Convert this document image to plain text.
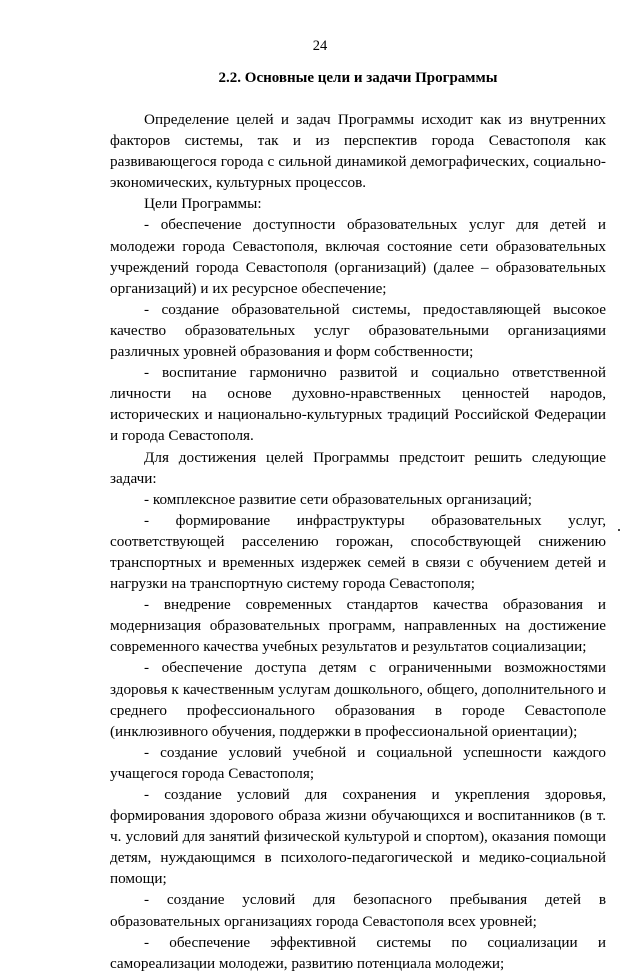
24
2.2. Основные цели и задачи Программы

Определение целей и задач Программы исходит как из внутренних факторов системы, так и из перспектив города Севастополя как развивающегося города с сильной динамикой демографических, социально-экономических, культурных процессов.

Цели Программы:

- обеспечение доступности образовательных услуг для детей и молодежи города Севастополя, включая состояние сети образовательных учреждений города Севастополя (организаций) (далее – образовательных организаций) и их ресурсное обеспечение;

- создание образовательной системы, предоставляющей высокое качество образовательных услуг образовательными организациями различных уровней образования и форм собственности;

- воспитание гармонично развитой и социально ответственной личности на основе духовно-нравственных ценностей народов, исторических и национально-культурных традиций Российской Федерации и города Севастополя.

Для достижения целей Программы предстоит решить следующие задачи:

- комплексное развитие сети образовательных организаций;

- формирование инфраструктуры образовательных услуг, соответствующей расселению горожан, способствующей снижению транспортных и временных издержек семей в связи с обучением детей и нагрузки на транспортную систему города Севастополя;

- внедрение современных стандартов качества образования и модернизация образовательных программ, направленных на достижение современного качества учебных результатов и результатов социализации;

- обеспечение доступа детям с ограниченными возможностями здоровья к качественным услугам дошкольного, общего, дополнительного и среднего профессионального образования в городе Севастополе (инклюзивного обучения, поддержки в профессиональной ориентации);

- создание условий учебной и социальной успешности каждого учащегося города Севастополя;

- создание условий для сохранения и укрепления здоровья, формирования здорового образа жизни обучающихся и воспитанников (в т. ч. условий для занятий физической культурой и спортом), оказания помощи детям, нуждающимся в психолого-педагогической и медико-социальной помощи;

- создание условий для безопасного пребывания детей в образовательных организациях города Севастополя всех уровней;

- обеспечение эффективной системы по социализации и самореализации молодежи, развитию потенциала молодежи;
